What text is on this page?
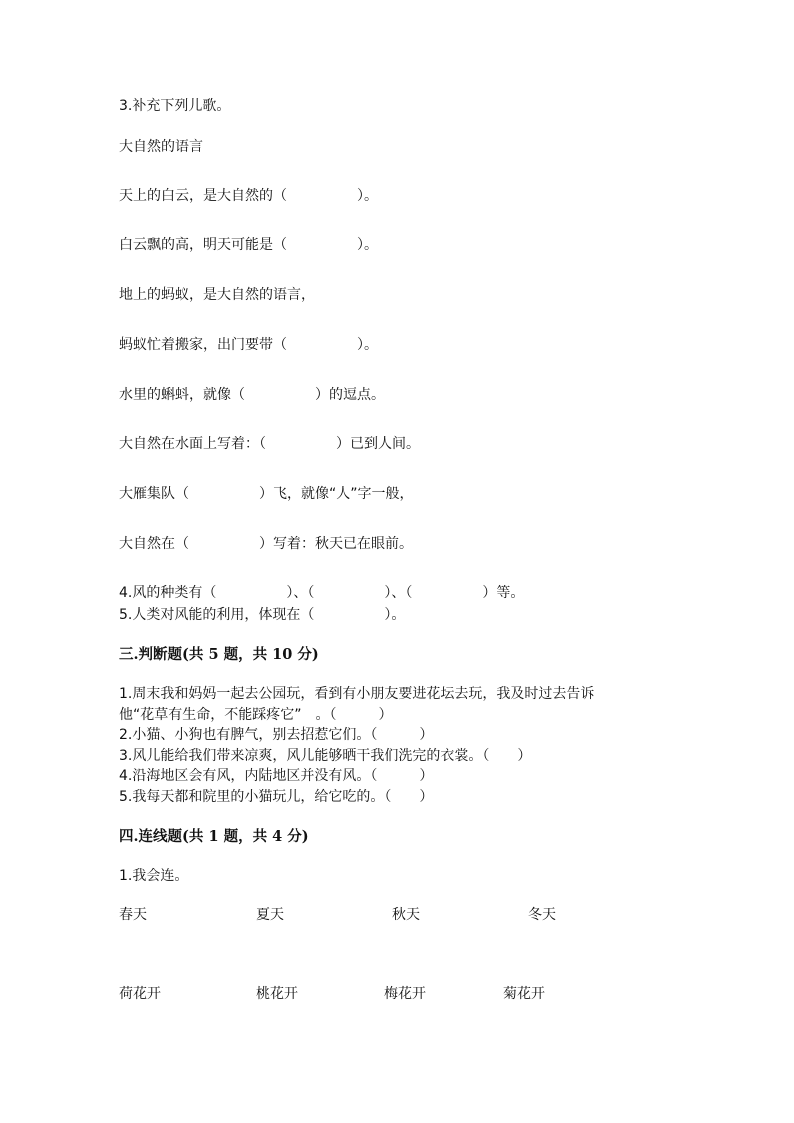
3.补充下列儿歌。
大自然的语言
天上的白云，是大自然的（　　　　　）。
白云飘的高，明天可能是（　　　　　）。
地上的蚂蚁，是大自然的语言，
蚂蚁忙着搬家，出门要带（　　　　　）。
水里的蝌蚪，就像（　　　　　）的逗点。
大自然在水面上写着：（　　　　　）已到人间。
大雁集队（　　　　　）飞，就像“人”字一般，
大自然在（　　　　　）写着：秋天已在眼前。
4.风的种类有（　　　　　）、（　　　　　）、（　　　　　）等。
5.人类对风能的利用，体现在（　　　　　）。
三.判断题(共 5 题，共 10 分)
1.周末我和妈妈一起去公园玩，看到有小朋友要进花坛去玩，我及时过去告诉
他“花草有生命，不能踩疼它”　。（　　　）
2.小猫、小狗也有脾气，别去招惹它们。（　　　）
3.风儿能给我们带来凉爽，风儿能够晒干我们洗完的衣裳。（　　）
4.沿海地区会有风，内陆地区并没有风。（　　　）
5.我每天都和院里的小猫玩儿，给它吃的。（　　）
四.连线题(共 1 题，共 4 分)
1.我会连。
春天	夏天	秋天	冬天
荷花开	桃花开	梅花开	菊花开
